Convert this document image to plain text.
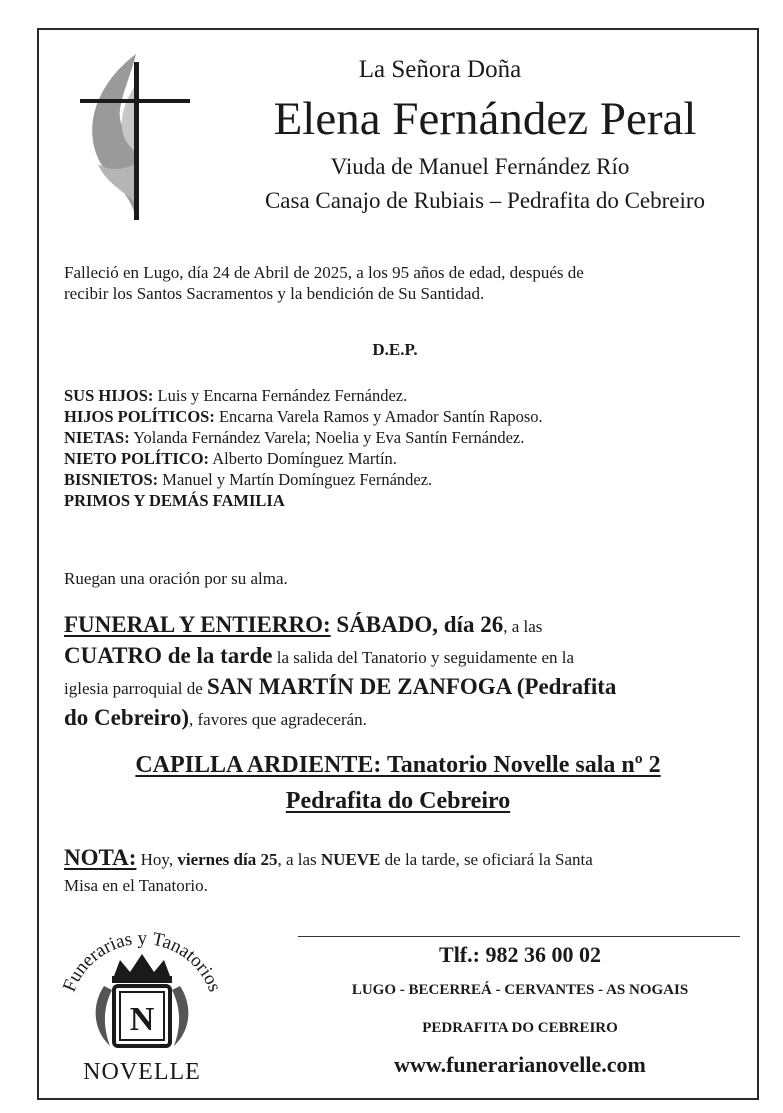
La Señora Doña

Elena Fernández Peral

Viuda de Manuel Fernández Río

Casa Canajo de Rubiais – Pedrafita do Cebreiro

Falleció en Lugo, día 24 de Abril de 2025, a los 95 años de edad, después de
recibir los Santos Sacramentos y la bendición de Su Santidad.

D.E.P.

SUS HIJOS: Luis y Encarna Fernández Fernández.

HIJOS POLÍTICOS: Encarna Varela Ramos y Amador Santín Raposo.

NIETAS: Yolanda Fernández Varela; Noelia y Eva Santín Fernández.

NIETO POLÍTICO: Alberto Domínguez Martín.

BISNIETOS: Manuel y Martín Domínguez Fernández.

PRIMOS Y DEMÁS FAMILIA

Ruegan una oración por su alma.

FUNERAL Y ENTIERRO: SÁBADO, día 26, a las
CUATRO de la tarde la salida del Tanatorio y seguidamente en la
iglesia parroquial de SAN MARTÍN DE ZANFOGA (Pedrafita
do Cebreiro), favores que agradecerán.

CAPILLA ARDIENTE: Tanatorio Novelle sala nº 2

Pedrafita do Cebreiro

NOTA: Hoy, viernes día 25, a las NUEVE de la tarde, se oficiará la Santa
Misa en el Tanatorio.
Funerarias y Tanatorios
N
NOVELLE

Tlf.: 982 36 00 02

LUGO - BECERREÁ - CERVANTES - AS NOGAIS

PEDRAFITA DO CEBREIRO

www.funerarianovelle.com
